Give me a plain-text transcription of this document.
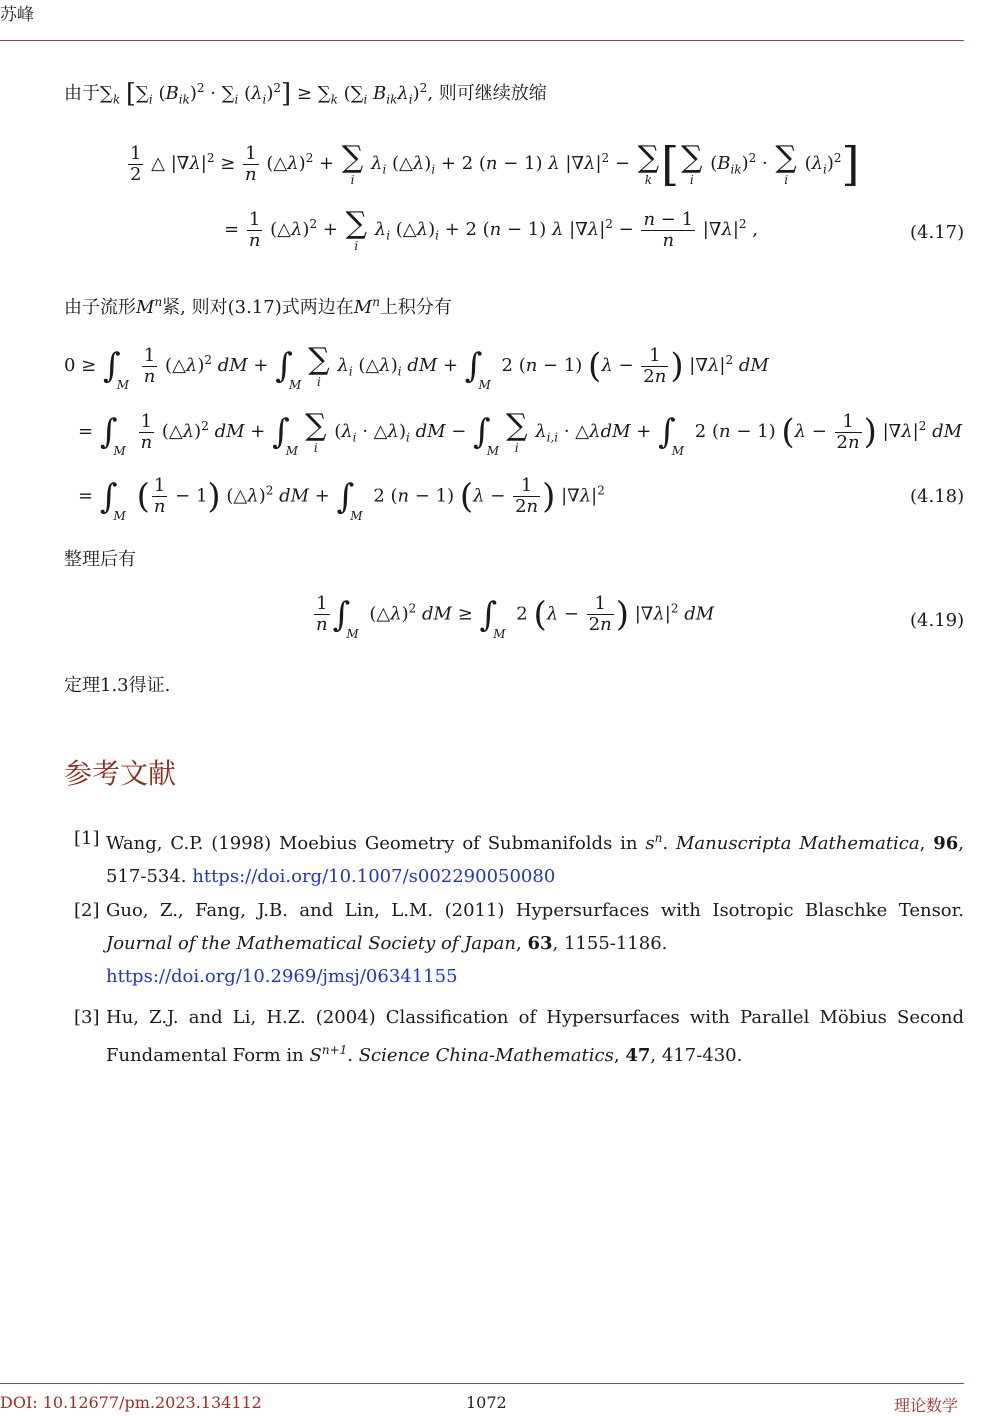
苏峰
由于$\sum_k$ [$\sum_i$ $(B_{ik})^2 \cdot \sum_i$ $(\lambda_i)^2] \ge \sum_k$ ($\sum_i$ $B_{ik}\lambda_i)^2$, 则可继续放缩
$\frac{1}{2}$ △ $|\nabla\lambda|^2 \ge \frac{1}{n}$ (△λ)$^2$ + ∑
i
$\lambda_i$ $(\triangle\lambda)_i + 2$ (n − 1) λ $|\nabla\lambda|^2$ − ∑
k [ ∑
i
$(B_{ik})^2$ · ∑
i
$(\lambda_i)^2$]
= $\frac{1}{n}$ (△λ)$^2$ + ∑
i
$\lambda_i$ $(\triangle\lambda)_i + 2$ (n − 1) λ $|\nabla\lambda|^2 - \frac{n - 1}{n} |\nabla\lambda|^2$ ,	(4.17)
由子流形$M^n$紧, 则对(3.17)式两边在$M^n$上积分有
$0 \ge \int_M \frac{1}{n}$ (△λ)$^2$ dM + $\int_M$
∑
i
$\lambda_i$ $(\triangle\lambda)_i$ dM + $\int_M$ 2 (n − 1) ($\lambda - \frac{1}{2n}$ ) $|\nabla\lambda|^2$ dM
= $\int_M \frac{1}{n}$ (△λ)$^2$ dM + $\int_M$
∑
i
($\lambda_i$ · $\triangle\lambda)_i$ dM − $\int_M$
∑
i
$\lambda_{i,i}$ · △λdM + $\int_M$ 2 (n − 1) ($\lambda - \frac{1}{2n}$ ) $|\nabla\lambda|^2$ dM
= $\int_M$ ( $\frac{1}{n} - 1$) (△λ)$^2$ dM + $\int_M$ 2 (n − 1) ($\lambda - \frac{1}{2n}$ ) $|\nabla\lambda|^2$	(4.18)
整理后有
$\frac{1}{n} \int_M$ (△λ)$^2$ dM ≥ $\int_M$ 2 ($\lambda - \frac{1}{2n}$ ) $|\nabla\lambda|^2$ dM	(4.19)
定理1.3得证.
参考文献
[1] Wang, C.P. (1998) Moebius Geometry of Submanifolds in $s^n$. Manuscripta Mathematica, 96, 517-534. https://doi.org/10.1007/s002290050080
[2] Guo, Z., Fang, J.B. and Lin, L.M. (2011) Hypersurfaces with Isotropic Blaschke Tensor. Journal of the Mathematical Society of Japan, 63, 1155-1186.
https://doi.org/10.2969/jmsj/06341155
[3] Hu, Z.J. and Li, H.Z. (2004) Classification of Hypersurfaces with Parallel Möbius Second Fundamental Form in $S^{n+1}$. Science China-Mathematics, 47, 417-430.
DOI: 10.12677/pm.2023.134112	1072	理论数学
